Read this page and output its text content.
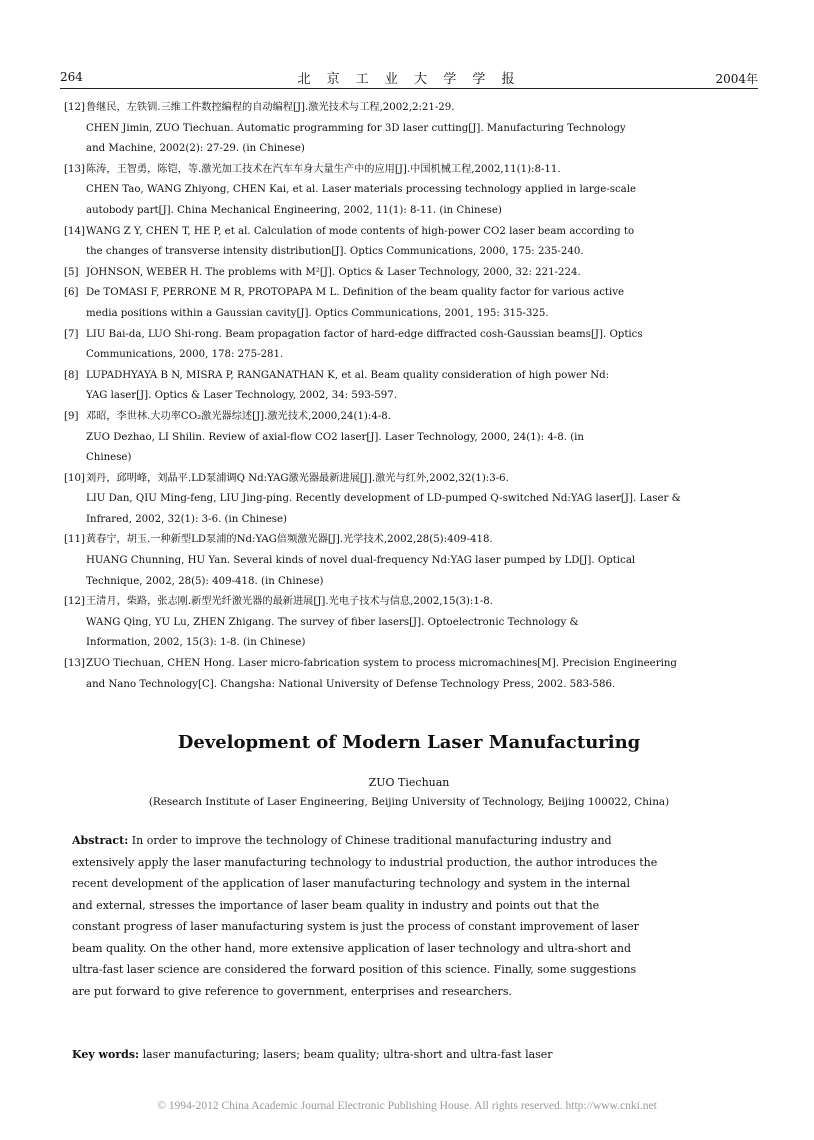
264	北 京 工 业 大 学 学 报	2004年
[12] 鲁继民，左铁钏.三维工件数控编程的自动编程[J].激光技术与工程,2002,2:21-29.
CHEN Jimin, ZUO Tiechuan. Automatic programming for 3D laser cutting[J]. Manufacturing Technology
and Machine, 2002(2): 27-29. (in Chinese)
[13] 陈涛，王智勇，陈铠，等.激光加工技术在汽车车身大量生产中的应用[J].中国机械工程,2002,11(1):8-11.
CHEN Tao, WANG Zhiyong, CHEN Kai, et al. Laser materials processing technology applied in large-scale
autobody part[J]. China Mechanical Engineering, 2002, 11(1): 8-11. (in Chinese)
[14] WANG Z Y, CHEN T, HE P, et al. Calculation of mode contents of high-power CO2 laser beam according to
the changes of transverse intensity distribution[J]. Optics Communications, 2000, 175: 235-240.
[5] JOHNSON, WEBER H. The problems with M²[J]. Optics & Laser Technology, 2000, 32: 221-224.
[6] De TOMASI F, PERRONE M R, PROTOPAPA M L. Definition of the beam quality factor for various active
media positions within a Gaussian cavity[J]. Optics Communications, 2001, 195: 315-325.
[7] LIU Bai-da, LUO Shi-rong. Beam propagation factor of hard-edge diffracted cosh-Gaussian beams[J]. Optics
Communications, 2000, 178: 275-281.
[8] LUPADHYAYA B N, MISRA P, RANGANATHAN K, et al. Beam quality consideration of high power Nd:
YAG laser[J]. Optics & Laser Technology, 2002, 34: 593-597.
[9] 邓昭，李世林.大功率CO₂激光器综述[J].激光技术,2000,24(1):4-8.
ZUO Dezhao, LI Shilin. Review of axial-flow CO2 laser[J]. Laser Technology, 2000, 24(1): 4-8. (in
Chinese)
[10] 刘丹，邱明峰，刘晶平.LD泵浦调Q Nd:YAG激光器最新进展[J].激光与红外,2002,32(1):3-6.
LIU Dan, QIU Ming-feng, LIU Jing-ping. Recently development of LD-pumped Q-switched Nd:YAG laser[J]. Laser &
Infrared, 2002, 32(1): 3-6. (in Chinese)
[11] 黄春宁，胡玉.一种新型LD泵浦的Nd:YAG倍频激光器[J].光学技术,2002,28(5):409-418.
HUANG Chunning, HU Yan. Several kinds of novel dual-frequency Nd:YAG laser pumped by LD[J]. Optical
Technique, 2002, 28(5): 409-418. (in Chinese)
[12] 王清月，柴路，张志刚.新型光纤激光器的最新进展[J].光电子技术与信息,2002,15(3):1-8.
WANG Qing, YU Lu, ZHEN Zhigang. The survey of fiber lasers[J]. Optoelectronic Technology &
Information, 2002, 15(3): 1-8. (in Chinese)
[13] ZUO Tiechuan, CHEN Hong. Laser micro-fabrication system to process micromachines[M]. Precision Engineering
and Nano Technology[C]. Changsha: National University of Defense Technology Press, 2002. 583-586.
Development of Modern Laser Manufacturing
ZUO Tiechuan
(Research Institute of Laser Engineering, Beijing University of Technology, Beijing 100022, China)
Abstract: In order to improve the technology of Chinese traditional manufacturing industry and
extensively apply the laser manufacturing technology to industrial production, the author introduces the
recent development of the application of laser manufacturing technology and system in the internal
and external, stresses the importance of laser beam quality in industry and points out that the
constant progress of laser manufacturing system is just the process of constant improvement of laser
beam quality. On the other hand, more extensive application of laser technology and ultra-short and
ultra-fast laser science are considered the forward position of this science. Finally, some suggestions
are put forward to give reference to government, enterprises and researchers.
Key words: laser manufacturing; lasers; beam quality; ultra-short and ultra-fast laser
© 1994-2012 China Academic Journal Electronic Publishing House. All rights reserved. http://www.cnki.net
